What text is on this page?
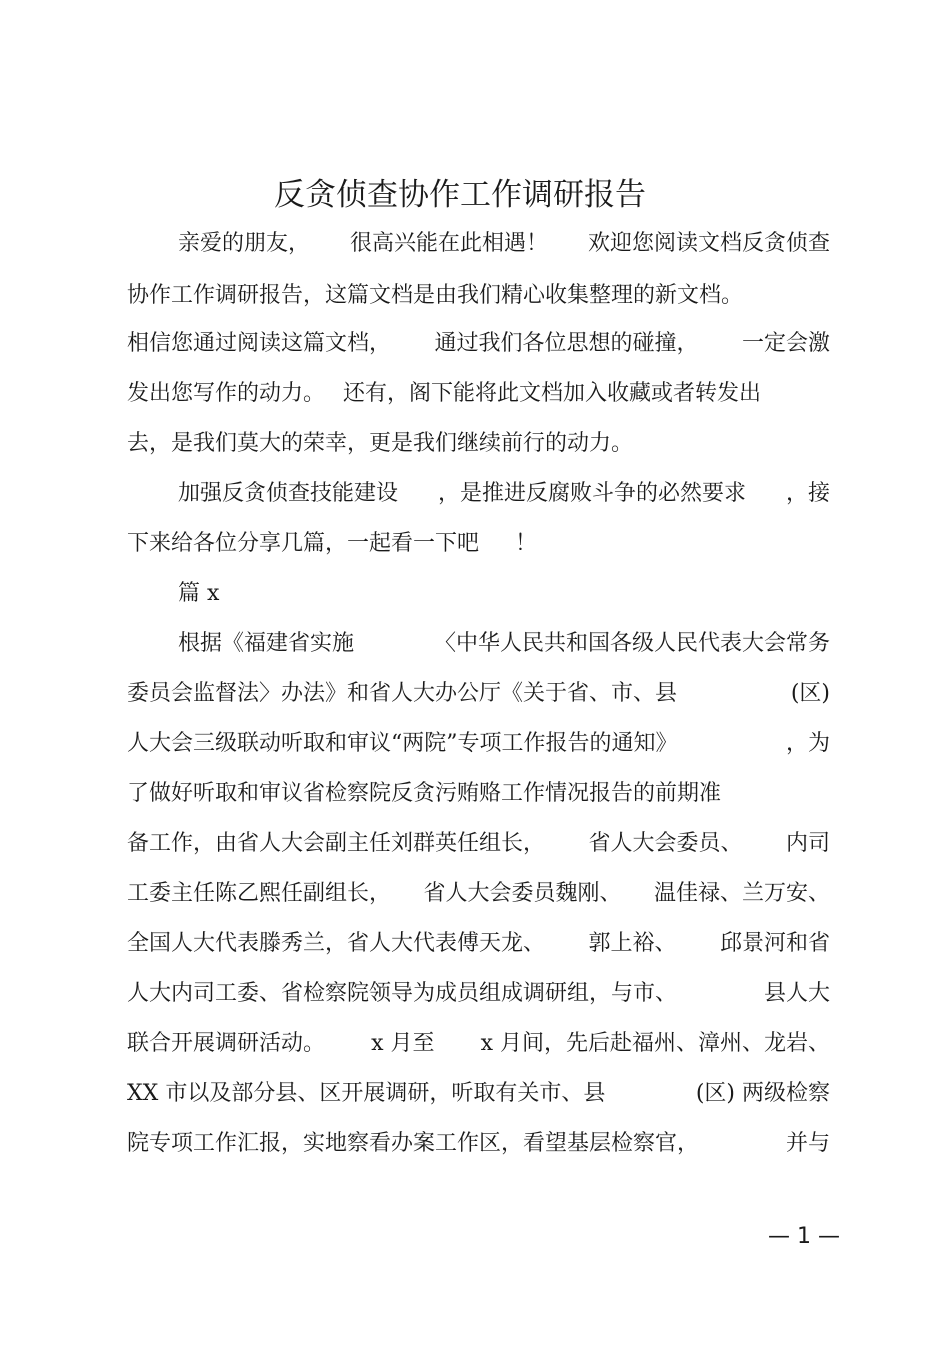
反贪侦查协作工作调研报告
亲爱的朋友， 很高兴能在此相遇！ 欢迎您阅读文档反贪侦查
协作工作调研报告，这篇文档是由我们精心收集整理的新文档。
相信您通过阅读这篇文档， 通过我们各位思想的碰撞， 一定会激
发出您写作的动力。 还有，阁下能将此文档加入收藏或者转发出
去，是我们莫大的荣幸，更是我们继续前行的动力。
加强反贪侦查技能建设 ，是推进反腐败斗争的必然要求 ，接
下来给各位分享几篇，一起看一下吧 ！
篇 x
根据《福建省实施	〈中华人民共和国各级人民代表大会常务
委员会监督法〉办法》和省人大办公厅《关于省、市、县	(区)
人大会三级联动听取和审议“两院”专项工作报告的通知》	，为
了做好听取和审议省检察院反贪污贿赂工作情况报告的前期准
备工作，由省人大会副主任刘群英任组长， 省人大会委员、 内司
工委主任陈乙熙任副组长， 省人大会委员魏刚、 温佳禄、兰万安、
全国人大代表滕秀兰，省人大代表傅天龙、 郭上裕、 邱景河和省
人大内司工委、省检察院领导为成员组成调研组，与市、	县人大
联合开展调研活动。 x 月至 x 月间，先后赴福州、漳州、龙岩、
XX 市以及部分县、区开展调研，听取有关市、县	(区) 两级检察
院专项工作汇报，实地察看办案工作区，看望基层检察官，	并与
— 1 —
